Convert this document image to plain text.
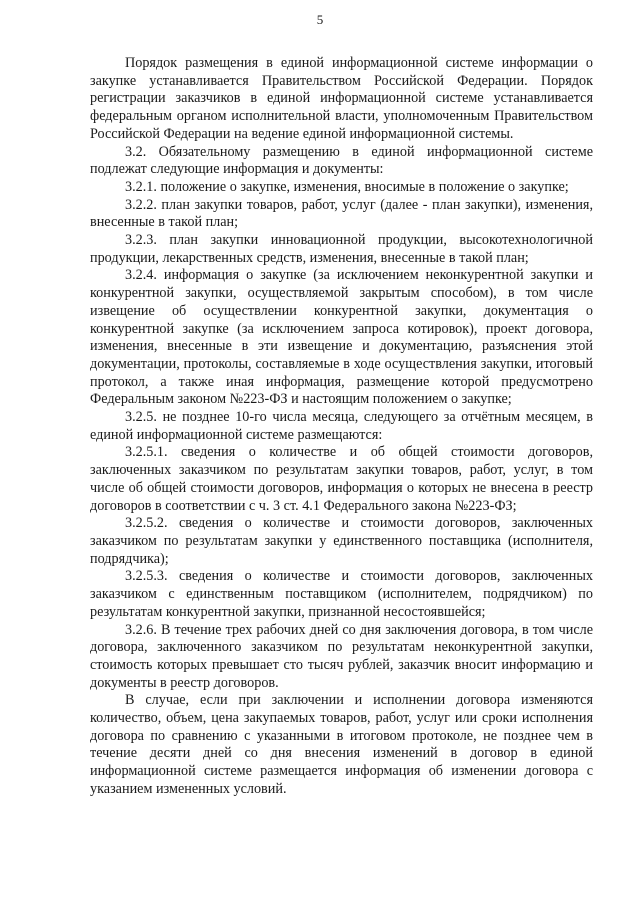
5

Порядок размещения в единой информационной системе информации о закупке устанавливается Правительством Российской Федерации. Порядок регистрации заказчиков в единой информационной системе устанавливается федеральным органом исполнительной власти, уполномоченным Правительством Российской Федерации на ведение единой информационной системы.

3.2. Обязательному размещению в единой информационной системе подлежат следующие информация и документы:

3.2.1. положение о закупке, изменения, вносимые в положение о закупке;

3.2.2. план закупки товаров, работ, услуг (далее - план закупки), изменения, внесенные в такой план;

3.2.3. план закупки инновационной продукции, высокотехнологичной продукции, лекарственных средств, изменения, внесенные в такой план;

3.2.4. информация о закупке (за исключением неконкурентной закупки и конкурентной закупки, осуществляемой закрытым способом), в том числе извещение об осуществлении конкурентной закупки, документация о конкурентной закупке (за исключением запроса котировок), проект договора, изменения, внесенные в эти извещение и документацию, разъяснения этой документации, протоколы, составляемые в ходе осуществления закупки, итоговый протокол, а также иная информация, размещение которой предусмотрено Федеральным законом №223-ФЗ и настоящим положением о закупке;

3.2.5. не позднее 10-го числа месяца, следующего за отчётным месяцем, в единой информационной системе размещаются:

3.2.5.1. сведения о количестве и об общей стоимости договоров, заключенных заказчиком по результатам закупки товаров, работ, услуг, в том числе об общей стоимости договоров, информация о которых не внесена в реестр договоров в соответствии с ч. 3 ст. 4.1 Федерального закона №223-ФЗ;

3.2.5.2. сведения о количестве и стоимости договоров, заключенных заказчиком по результатам закупки у единственного поставщика (исполнителя, подрядчика);

3.2.5.3. сведения о количестве и стоимости договоров, заключенных заказчиком с единственным поставщиком (исполнителем, подрядчиком) по результатам конкурентной закупки, признанной несостоявшейся;

3.2.6. В течение трех рабочих дней со дня заключения договора, в том числе договора, заключенного заказчиком по результатам неконкурентной закупки, стоимость которых превышает сто тысяч рублей, заказчик вносит информацию и документы в реестр договоров.

В случае, если при заключении и исполнении договора изменяются количество, объем, цена закупаемых товаров, работ, услуг или сроки исполнения договора по сравнению с указанными в итоговом протоколе, не позднее чем в течение десяти дней со дня внесения изменений в договор в единой информационной системе размещается информация об изменении договора с указанием измененных условий.
